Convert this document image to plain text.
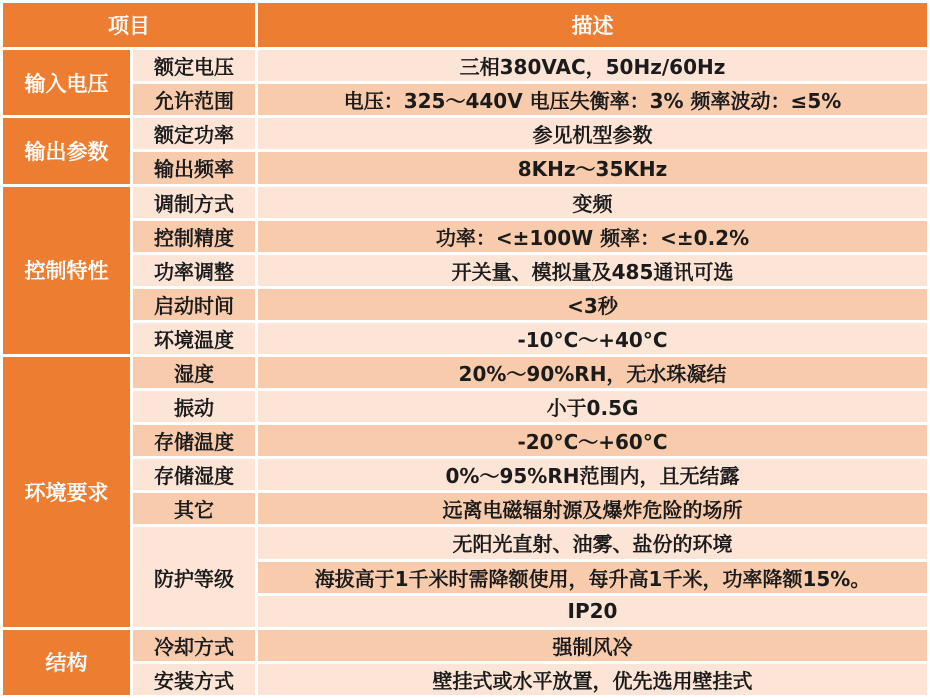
项目		描述
输入电压	额定电压	三相380VAC，50Hz/60Hz
	允许范围	电压：325～440V 电压失衡率：3% 频率波动：≤5%
输出参数	额定功率	参见机型参数
	输出频率	8KHz～35KHz
控制特性	调制方式	变频
	控制精度	功率：<±100W 频率：<±0.2%
	功率调整	开关量、模拟量及485通讯可选
	启动时间	<3秒
	环境温度	-10°C～+40°C
环境要求	湿度	20%～90%RH，无水珠凝结
	振动	小于0.5G
	存储温度	-20°C～+60°C
	存储湿度	0%～95%RH范围内，且无结露
	其它	远离电磁辐射源及爆炸危险的场所
	防护等级	无阳光直射、油雾、盐份的环境
		海拔高于1千米时需降额使用，每升高1千米，功率降额15%。
		IP20
结构	冷却方式	强制风冷
	安装方式	壁挂式或水平放置，优先选用壁挂式
